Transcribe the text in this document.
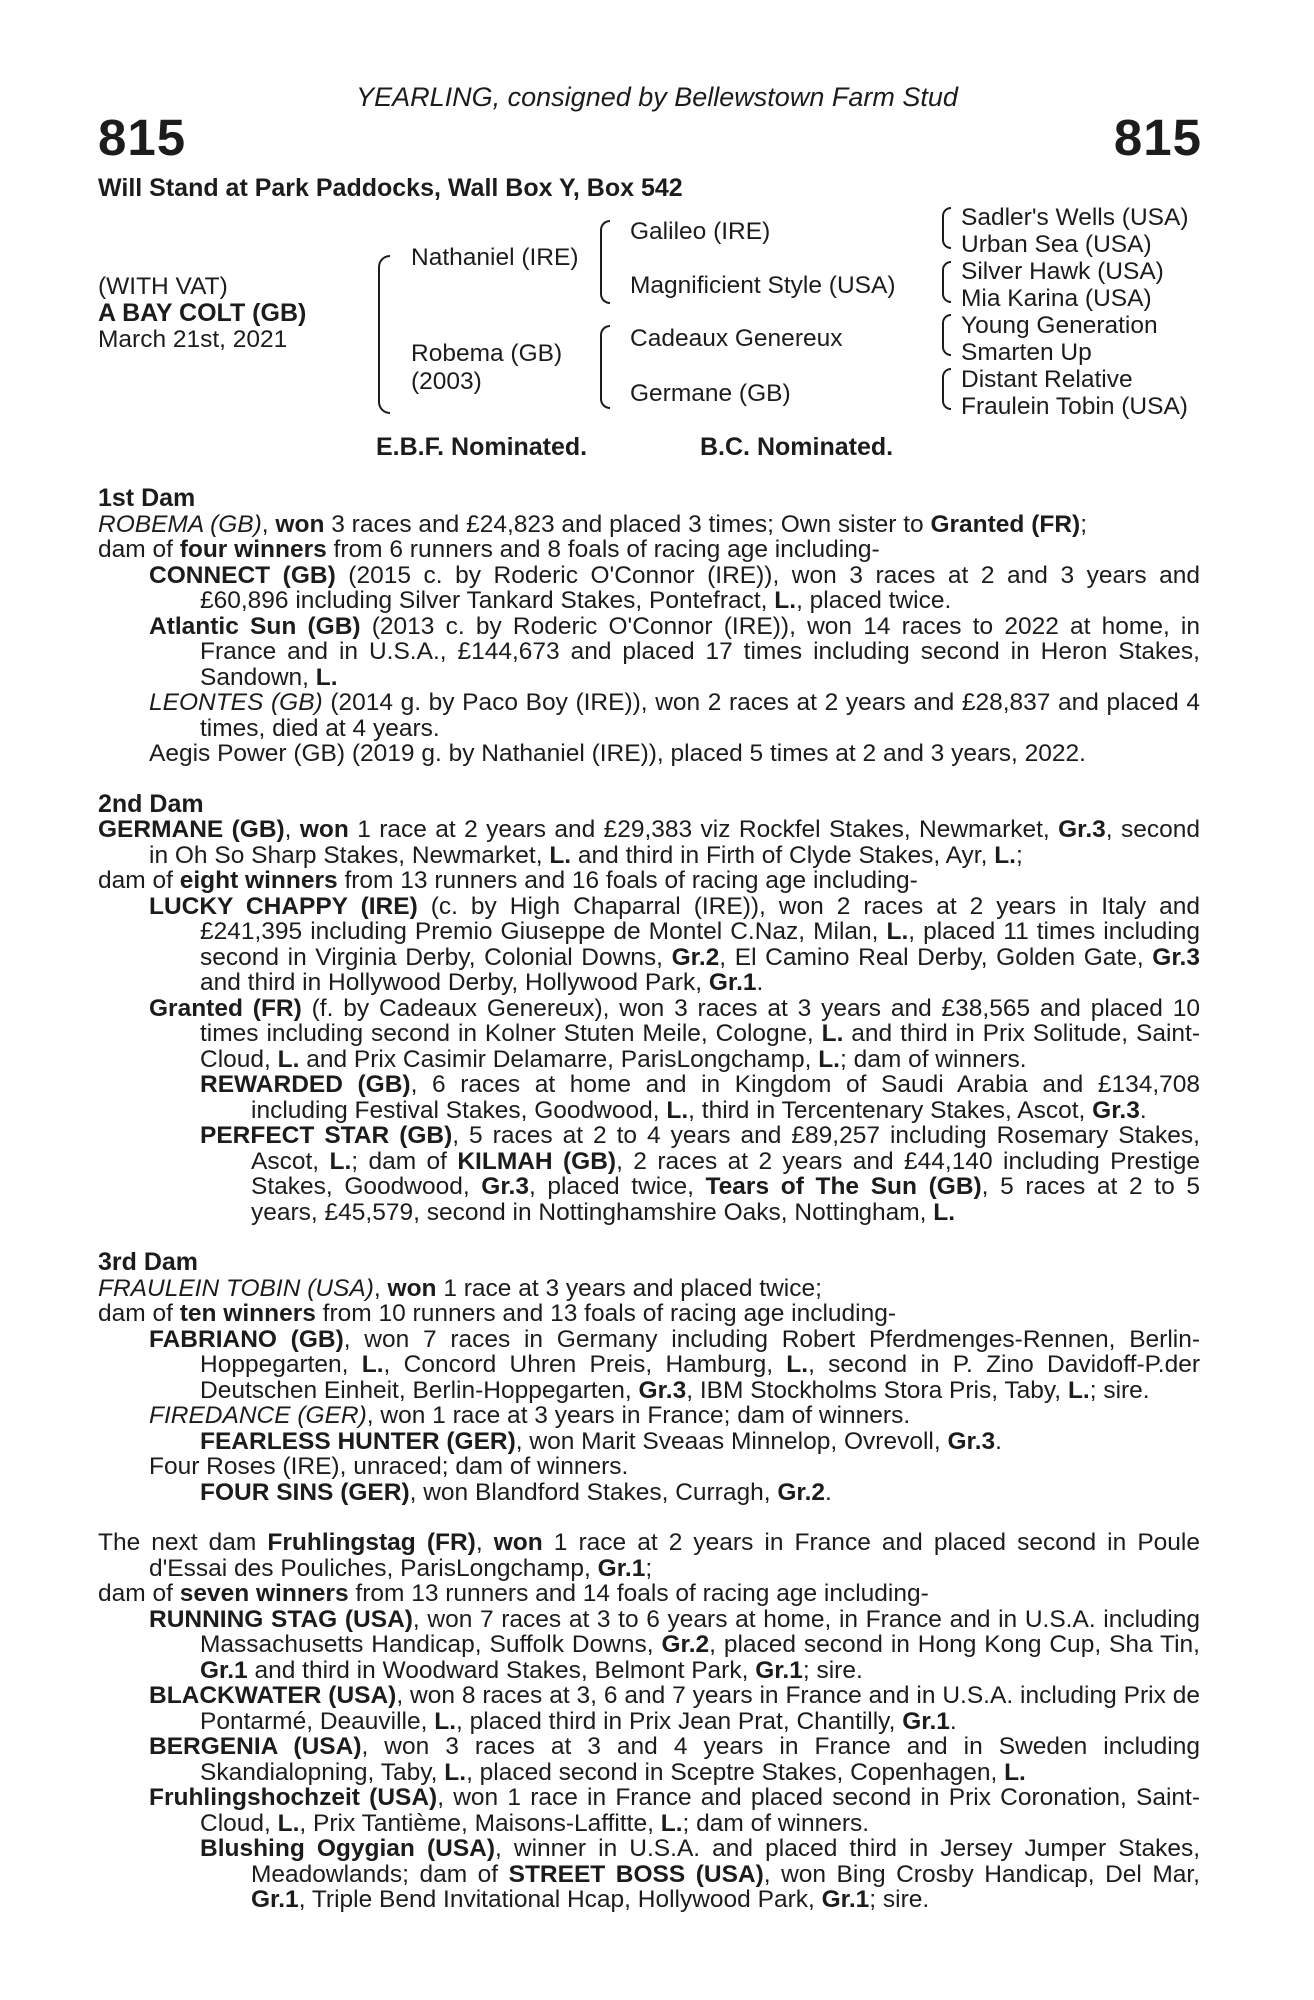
YEARLING, consigned by Bellewstown Farm Stud
815	815
Will Stand at Park Paddocks, Wall Box Y, Box 542
(WITH VAT)
A BAY COLT (GB)
March 21st, 2021
Nathaniel (IRE)
Robema (GB)
(2003)
Galileo (IRE)
Magnificient Style (USA)
Cadeaux Genereux
Germane (GB)
Sadler's Wells (USA)
Urban Sea (USA)
Silver Hawk (USA)
Mia Karina (USA)
Young Generation
Smarten Up
Distant Relative
Fraulein Tobin (USA)
E.B.F. Nominated.	B.C. Nominated.
1st Dam

ROBEMA (GB), won 3 races and £24,823 and placed 3 times; Own sister to Granted (FR);
dam of four winners from 6 runners and 8 foals of racing age including-

CONNECT (GB) (2015 c. by Roderic O'Connor (IRE)), won 3 races at 2 and 3 years and £60,896 including Silver Tankard Stakes, Pontefract, L., placed twice.

Atlantic Sun (GB) (2013 c. by Roderic O'Connor (IRE)), won 14 races to 2022 at home, in France and in U.S.A., £144,673 and placed 17 times including second in Heron Stakes, Sandown, L.

LEONTES (GB) (2014 g. by Paco Boy (IRE)), won 2 races at 2 years and £28,837 and placed 4 times, died at 4 years.

Aegis Power (GB) (2019 g. by Nathaniel (IRE)), placed 5 times at 2 and 3 years, 2022.

2nd Dam

GERMANE (GB), won 1 race at 2 years and £29,383 viz Rockfel Stakes, Newmarket, Gr.3, second in Oh So Sharp Stakes, Newmarket, L. and third in Firth of Clyde Stakes, Ayr, L.;

dam of eight winners from 13 runners and 16 foals of racing age including-

LUCKY CHAPPY (IRE) (c. by High Chaparral (IRE)), won 2 races at 2 years in Italy and £241,395 including Premio Giuseppe de Montel C.Naz, Milan, L., placed 11 times including second in Virginia Derby, Colonial Downs, Gr.2, El Camino Real Derby, Golden Gate, Gr.3 and third in Hollywood Derby, Hollywood Park, Gr.1.

Granted (FR) (f. by Cadeaux Genereux), won 3 races at 3 years and £38,565 and placed 10 times including second in Kolner Stuten Meile, Cologne, L. and third in Prix Solitude, Saint-Cloud, L. and Prix Casimir Delamarre, ParisLongchamp, L.; dam of winners.

REWARDED (GB), 6 races at home and in Kingdom of Saudi Arabia and £134,708 including Festival Stakes, Goodwood, L., third in Tercentenary Stakes, Ascot, Gr.3.

PERFECT STAR (GB), 5 races at 2 to 4 years and £89,257 including Rosemary Stakes, Ascot, L.; dam of KILMAH (GB), 2 races at 2 years and £44,140 including Prestige Stakes, Goodwood, Gr.3, placed twice, Tears of The Sun (GB), 5 races at 2 to 5 years, £45,579, second in Nottinghamshire Oaks, Nottingham, L.

3rd Dam

FRAULEIN TOBIN (USA), won 1 race at 3 years and placed twice;
dam of ten winners from 10 runners and 13 foals of racing age including-

FABRIANO (GB), won 7 races in Germany including Robert Pferdmenges-Rennen, Berlin-Hoppegarten, L., Concord Uhren Preis, Hamburg, L., second in P. Zino Davidoff-P.der Deutschen Einheit, Berlin-Hoppegarten, Gr.3, IBM Stockholms Stora Pris, Taby, L.; sire.

FIREDANCE (GER), won 1 race at 3 years in France; dam of winners.

FEARLESS HUNTER (GER), won Marit Sveaas Minnelop, Ovrevoll, Gr.3.

Four Roses (IRE), unraced; dam of winners.

FOUR SINS (GER), won Blandford Stakes, Curragh, Gr.2.

The next dam Fruhlingstag (FR), won 1 race at 2 years in France and placed second in Poule d'Essai des Pouliches, ParisLongchamp, Gr.1;

dam of seven winners from 13 runners and 14 foals of racing age including-

RUNNING STAG (USA), won 7 races at 3 to 6 years at home, in France and in U.S.A. including Massachusetts Handicap, Suffolk Downs, Gr.2, placed second in Hong Kong Cup, Sha Tin, Gr.1 and third in Woodward Stakes, Belmont Park, Gr.1; sire.

BLACKWATER (USA), won 8 races at 3, 6 and 7 years in France and in U.S.A. including Prix de Pontarmé, Deauville, L., placed third in Prix Jean Prat, Chantilly, Gr.1.

BERGENIA (USA), won 3 races at 3 and 4 years in France and in Sweden including Skandialopning, Taby, L., placed second in Sceptre Stakes, Copenhagen, L.

Fruhlingshochzeit (USA), won 1 race in France and placed second in Prix Coronation, Saint-Cloud, L., Prix Tantième, Maisons-Laffitte, L.; dam of winners.

Blushing Ogygian (USA), winner in U.S.A. and placed third in Jersey Jumper Stakes, Meadowlands; dam of STREET BOSS (USA), won Bing Crosby Handicap, Del Mar, Gr.1, Triple Bend Invitational Hcap, Hollywood Park, Gr.1; sire.
